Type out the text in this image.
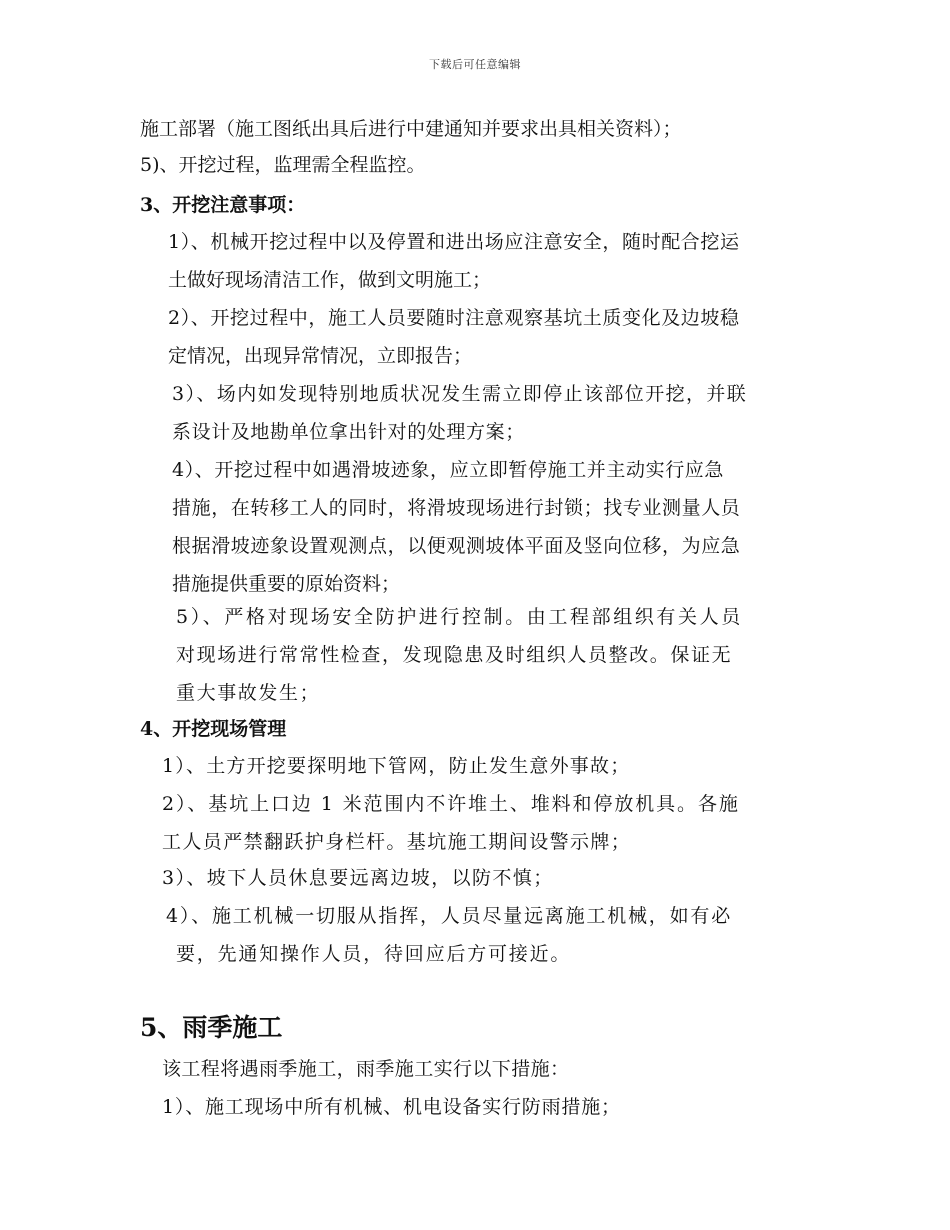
下载后可任意编辑
施工部署（施工图纸出具后进行中建通知并要求出具相关资料）；
5)、开挖过程，监理需全程监控。
3、开挖注意事项：
1）、机械开挖过程中以及停置和进出场应注意安全，随时配合挖运
土做好现场清洁工作，做到文明施工；
2）、开挖过程中，施工人员要随时注意观察基坑土质变化及边坡稳
定情况，出现异常情况，立即报告；
3）、场内如发现特别地质状况发生需立即停止该部位开挖，并联
系设计及地勘单位拿出针对的处理方案；
4）、开挖过程中如遇滑坡迹象，应立即暂停施工并主动实行应急
措施，在转移工人的同时，将滑坡现场进行封锁；找专业测量人员
根据滑坡迹象设置观测点，以便观测坡体平面及竖向位移，为应急
措施提供重要的原始资料；
5）、严格对现场安全防护进行控制。由工程部组织有关人员
对现场进行常常性检查，发现隐患及时组织人员整改。保证无
重大事故发生；
4、开挖现场管理
1）、土方开挖要探明地下管网，防止发生意外事故；
2）、基坑上口边 1 米范围内不许堆土、堆料和停放机具。各施
工人员严禁翻跃护身栏杆。基坑施工期间设警示牌；
3）、坡下人员休息要远离边坡，以防不慎；
4）、施工机械一切服从指挥，人员尽量远离施工机械，如有必
要，先通知操作人员，待回应后方可接近。
5、雨季施工
该工程将遇雨季施工，雨季施工实行以下措施：
1）、施工现场中所有机械、机电设备实行防雨措施；
